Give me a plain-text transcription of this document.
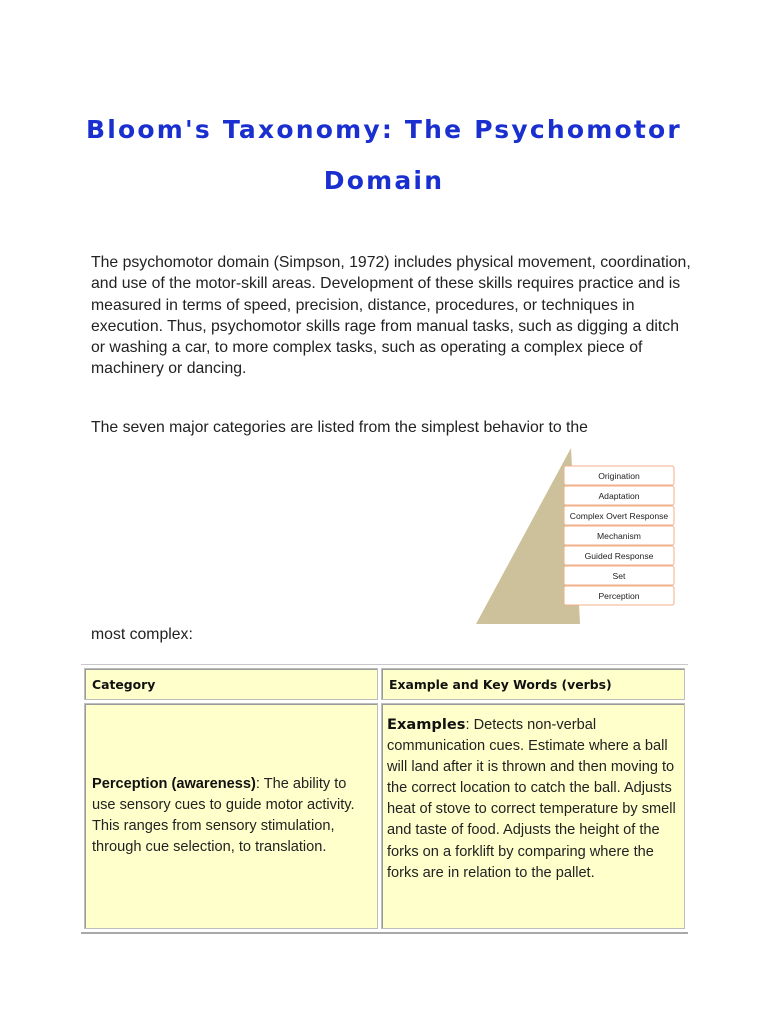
Bloom's Taxonomy: The Psychomotor Domain

The psychomotor domain (Simpson, 1972) includes physical movement, coordination, and use of the motor-skill areas. Development of these skills requires practice and is measured in terms of speed, precision, distance, procedures, or techniques in execution. Thus, psychomotor skills rage from manual tasks, such as digging a ditch or washing a car, to more complex tasks, such as operating a complex piece of machinery or dancing.

The seven major categories are listed from the simplest behavior to the

Origination
Adaptation
Complex Overt Response
Mechanism
Guided Response
Set
Perception

most complex:

Category	Example and Key Words (verbs)
Perception (awareness): The ability to use sensory cues to guide motor activity. This ranges from sensory stimulation, through cue selection, to translation.	Examples: Detects non-verbal communication cues. Estimate where a ball will land after it is thrown and then moving to the correct location to catch the ball. Adjusts heat of stove to correct temperature by smell and taste of food. Adjusts the height of the forks on a forklift by comparing where the forks are in relation to the pallet.
